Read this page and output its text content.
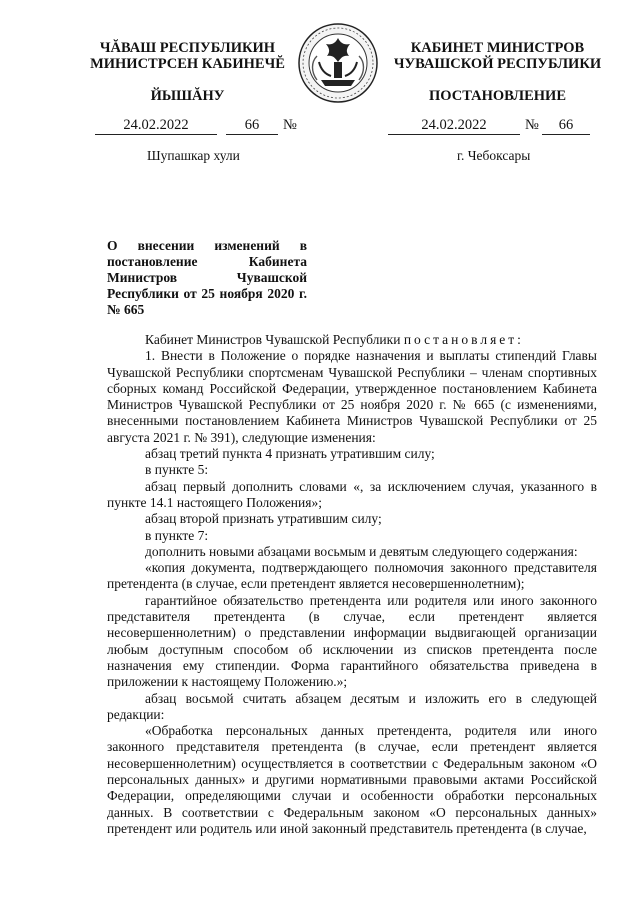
ЧĂВАШ РЕСПУБЛИКИН
МИНИСТРСЕН КАБИНЕЧĔ
КАБИНЕТ МИНИСТРОВ
ЧУВАШСКОЙ РЕСПУБЛИКИ
ЙЫШĂНУ	ПОСТАНОВЛЕНИЕ
24.02.2022	66	№	24.02.2022	№	66
Шупашкар хули	г. Чебоксары
О внесении изменений в постановление Кабинета Министров Чувашской Республики от 25 ноября 2020 г. № 665

Кабинет Министров Чувашской Республики постановляет:

1. Внести в Положение о порядке назначения и выплаты стипендий Главы Чувашской Республики спортсменам Чувашской Республики – членам спортивных сборных команд Российской Федерации, утвержденное постановлением Кабинета Министров Чувашской Республики от 25 ноября 2020 г. № 665 (с изменениями, внесенными постановлением Кабинета Министров Чувашской Республики от 25 августа 2021 г. № 391), следующие изменения:

абзац третий пункта 4 признать утратившим силу;

в пункте 5:

абзац первый дополнить словами «, за исключением случая, указанного в пункте 14.1 настоящего Положения»;

абзац второй признать утратившим силу;

в пункте 7:

дополнить новыми абзацами восьмым и девятым следующего содержания:

«копия документа, подтверждающего полномочия законного представителя претендента (в случае, если претендент является несовершеннолетним);

гарантийное обязательство претендента или родителя или иного законного представителя претендента (в случае, если претендент является несовершеннолетним) о представлении информации выдвигающей организации любым доступным способом об исключении из списков претендента после назначения ему стипендии. Форма гарантийного обязательства приведена в приложении к настоящему Положению.»;

абзац восьмой считать абзацем десятым и изложить его в следующей редакции:

«Обработка персональных данных претендента, родителя или иного законного представителя претендента (в случае, если претендент является несовершеннолетним) осуществляется в соответствии с Федеральным законом «О персональных данных» и другими нормативными правовыми актами Российской Федерации, определяющими случаи и особенности обработки персональных данных. В соответствии с Федеральным законом «О персональных данных» претендент или родитель или иной законный представитель претендента (в случае,
